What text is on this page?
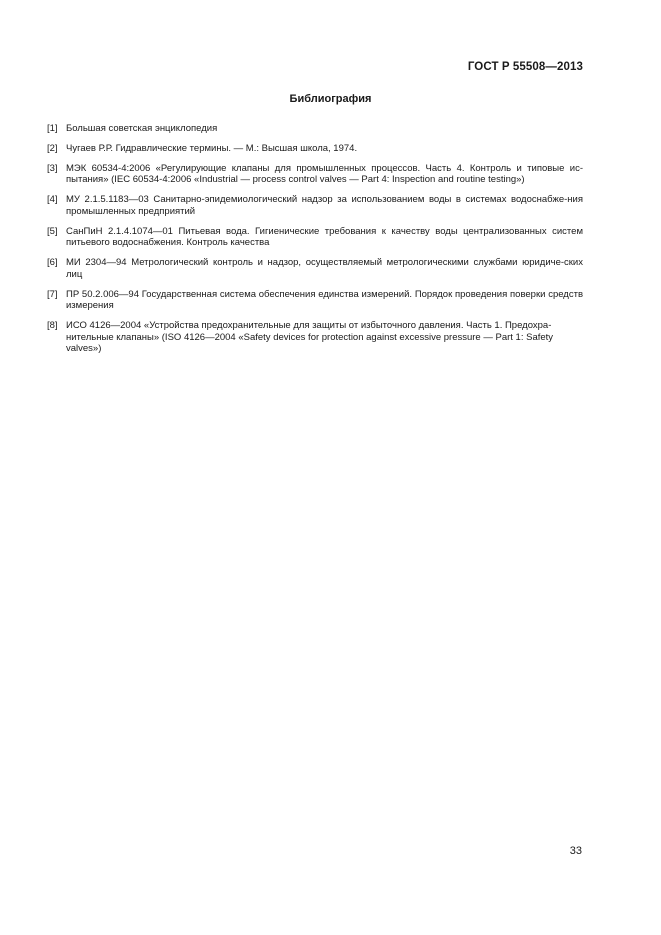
ГОСТ Р 55508—2013
Библиография
[1] Большая советская энциклопедия
[2] Чугаев Р.Р. Гидравлические термины. — М.: Высшая школа, 1974.
[3] МЭК 60534-4:2006 «Регулирующие клапаны для промышленных процессов. Часть 4. Контроль и типовые ис-пытания» (IEC 60534-4:2006 «Industrial — process control valves — Part 4: Inspection and routine testing»)
[4] МУ 2.1.5.1183—03 Санитарно-эпидемиологический надзор за использованием воды в системах водоснабже-ния промышленных предприятий
[5] СанПиН 2.1.4.1074—01 Питьевая вода. Гигиенические требования к качеству воды централизованных систем питьевого водоснабжения. Контроль качества
[6] МИ 2304—94 Метрологический контроль и надзор, осуществляемый метрологическими службами юридиче-ских лиц
[7] ПР 50.2.006—94 Государственная система обеспечения единства измерений. Порядок проведения поверки средств измерения
[8] ИСО 4126—2004 «Устройства предохранительные для защиты от избыточного давления. Часть 1. Предохра-нительные клапаны» (ISO 4126—2004 «Safety devices for protection against excessive pressure — Part 1: Safety valves»)
33
